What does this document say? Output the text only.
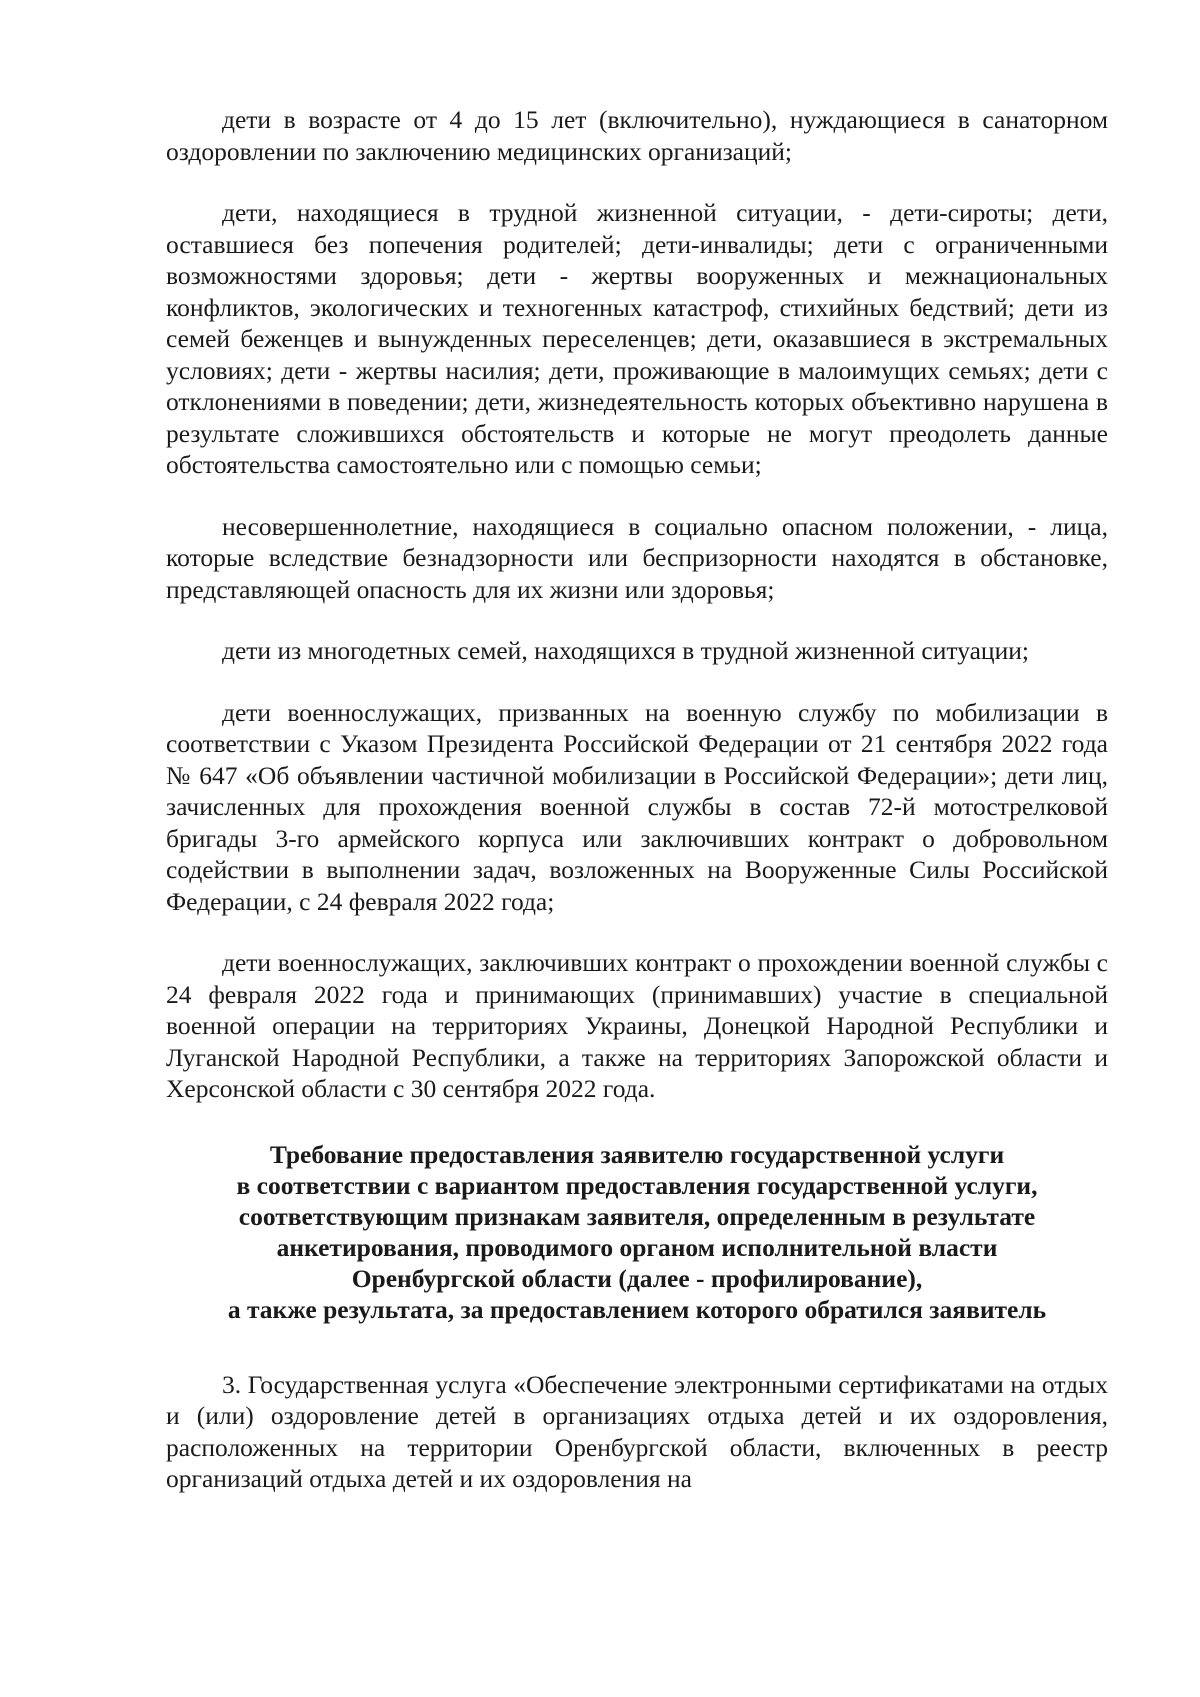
дети в возрасте от 4 до 15 лет (включительно), нуждающиеся в санаторном оздоровлении по заключению медицинских организаций;

дети, находящиеся в трудной жизненной ситуации, - дети-сироты; дети, оставшиеся без попечения родителей; дети-инвалиды; дети с ограниченными возможностями здоровья; дети - жертвы вооруженных и межнациональных конфликтов, экологических и техногенных катастроф, стихийных бедствий; дети из семей беженцев и вынужденных переселенцев; дети, оказавшиеся в экстремальных условиях; дети - жертвы насилия; дети, проживающие в малоимущих семьях; дети с отклонениями в поведении; дети, жизнедеятельность которых объективно нарушена в результате сложившихся обстоятельств и которые не могут преодолеть данные обстоятельства самостоятельно или с помощью семьи;

несовершеннолетние, находящиеся в социально опасном положении, - лица, которые вследствие безнадзорности или беспризорности находятся в обстановке, представляющей опасность для их жизни или здоровья;

дети из многодетных семей, находящихся в трудной жизненной ситуации;

дети военнослужащих, призванных на военную службу по мобилизации в соответствии с Указом Президента Российской Федерации от 21 сентября 2022 года № 647 «Об объявлении частичной мобилизации в Российской Федерации»; дети лиц, зачисленных для прохождения военной службы в состав 72-й мотострелковой бригады 3-го армейского корпуса или заключивших контракт о добровольном содействии в выполнении задач, возложенных на Вооруженные Силы Российской Федерации, с 24 февраля 2022 года;

дети военнослужащих, заключивших контракт о прохождении военной службы с 24 февраля 2022 года и принимающих (принимавших) участие в специальной военной операции на территориях Украины, Донецкой Народной Республики и Луганской Народной Республики, а также на территориях Запорожской области и Херсонской области с 30 сентября 2022 года.

Требование предоставления заявителю государственной услуги
в соответствии с вариантом предоставления государственной услуги,
соответствующим признакам заявителя, определенным в результате
анкетирования, проводимого органом исполнительной власти
Оренбургской области (далее - профилирование),
а также результата, за предоставлением которого обратился заявитель

3. Государственная услуга «Обеспечение электронными сертификатами на отдых и (или) оздоровление детей в организациях отдыха детей и их оздоровления, расположенных на территории Оренбургской области, включенных в реестр организаций отдыха детей и их оздоровления на
